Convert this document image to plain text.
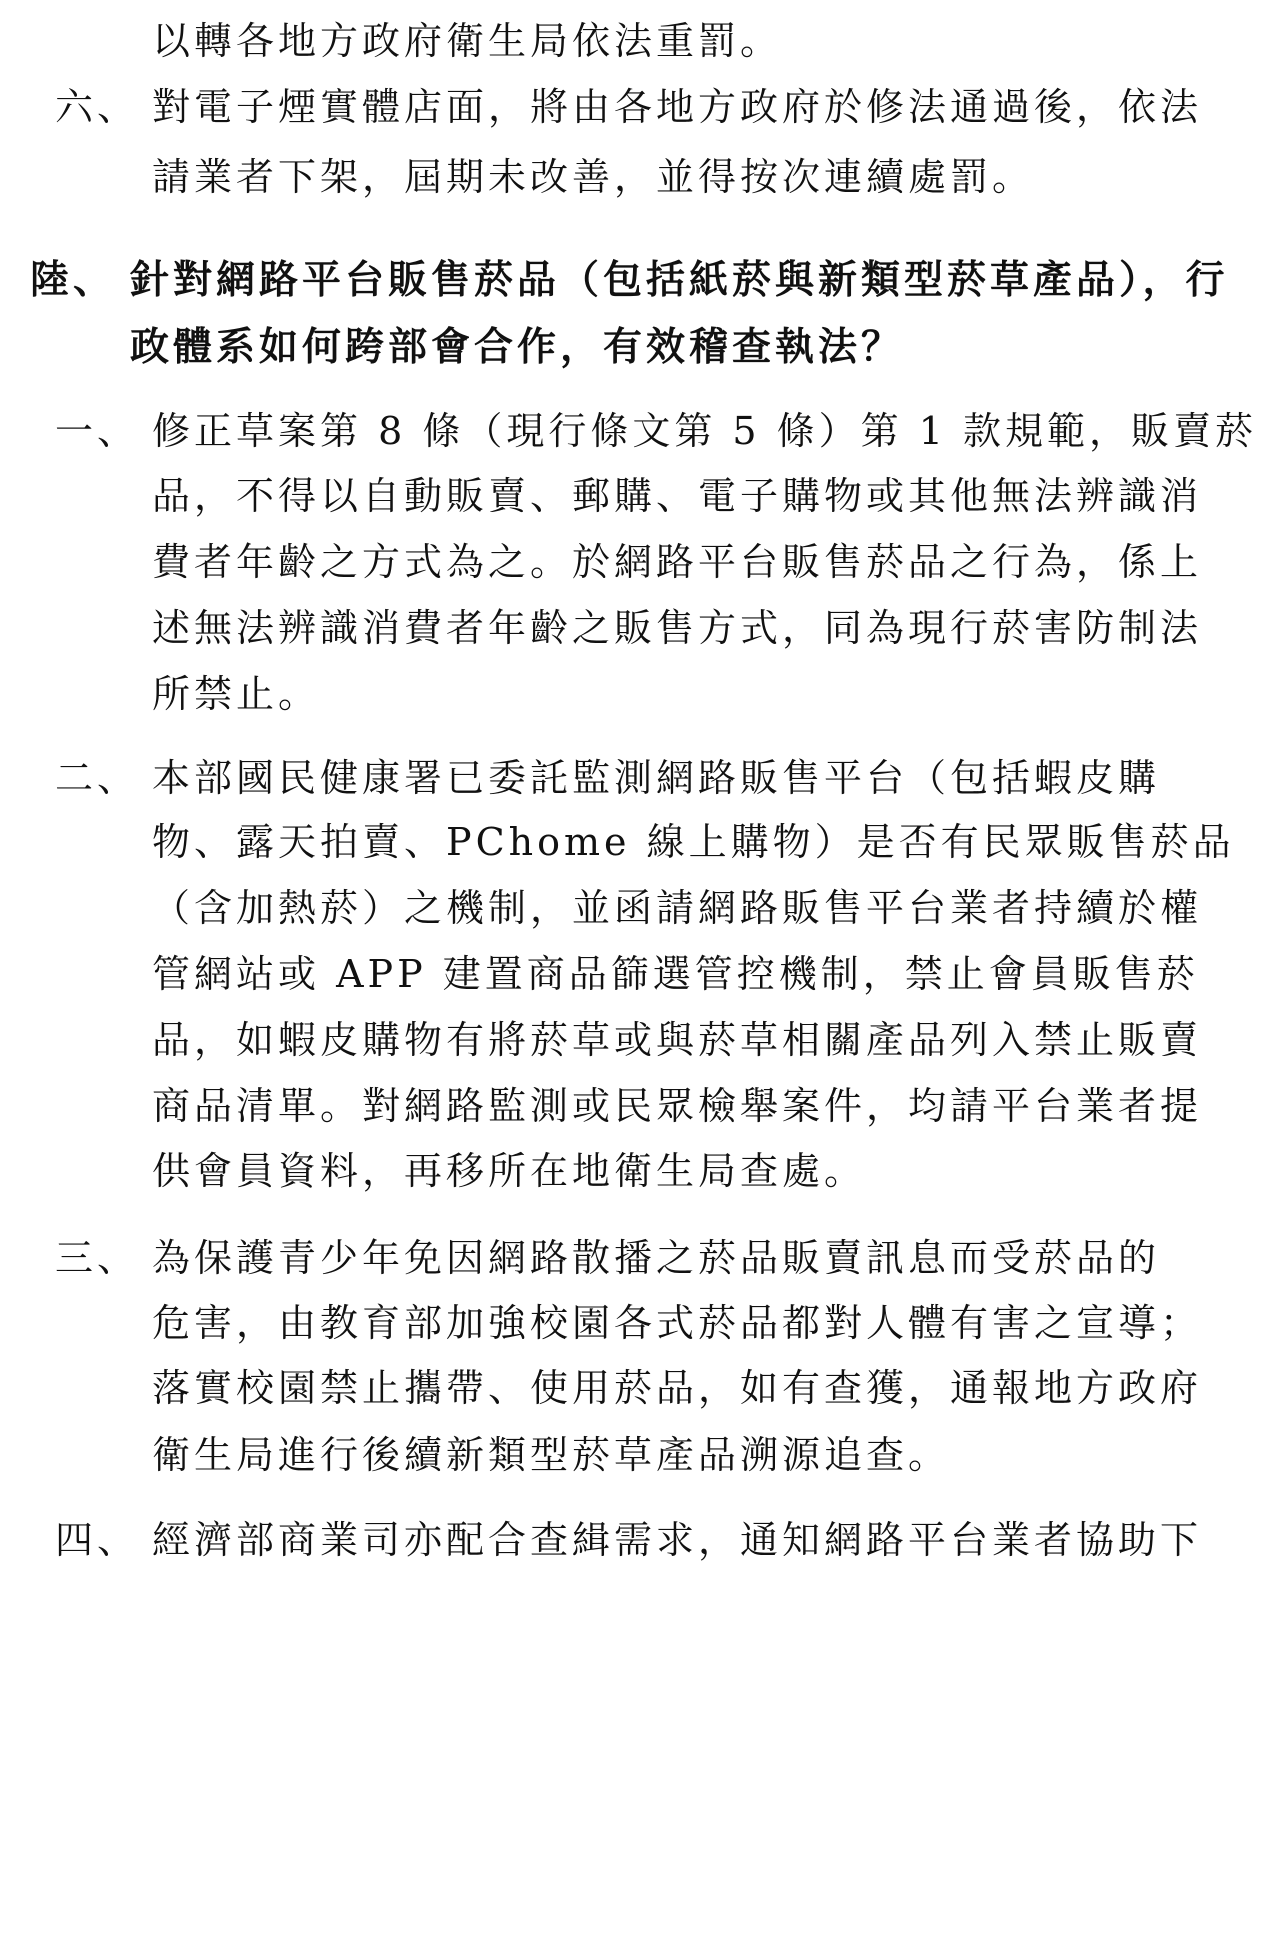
以轉各地方政府衛生局依法重罰。
六、 對電子煙實體店面，將由各地方政府於修法通過後，依法
請業者下架，屆期未改善，並得按次連續處罰。
陸、 針對網路平台販售菸品（包括紙菸與新類型菸草產品），行
政體系如何跨部會合作，有效稽查執法？
一、 修正草案第 8 條（現行條文第 5 條）第 1 款規範，販賣菸
品，不得以自動販賣、郵購、電子購物或其他無法辨識消
費者年齡之方式為之。於網路平台販售菸品之行為，係上
述無法辨識消費者年齡之販售方式，同為現行菸害防制法
所禁止。
二、 本部國民健康署已委託監測網路販售平台（包括蝦皮購
物、露天拍賣、PChome 線上購物）是否有民眾販售菸品
（含加熱菸）之機制，並函請網路販售平台業者持續於權
管網站或 APP 建置商品篩選管控機制，禁止會員販售菸
品，如蝦皮購物有將菸草或與菸草相關產品列入禁止販賣
商品清單。對網路監測或民眾檢舉案件，均請平台業者提
供會員資料，再移所在地衛生局查處。
三、 為保護青少年免因網路散播之菸品販賣訊息而受菸品的
危害，由教育部加強校園各式菸品都對人體有害之宣導；
落實校園禁止攜帶、使用菸品，如有查獲，通報地方政府
衛生局進行後續新類型菸草產品溯源追查。
四、 經濟部商業司亦配合查緝需求，通知網路平台業者協助下
